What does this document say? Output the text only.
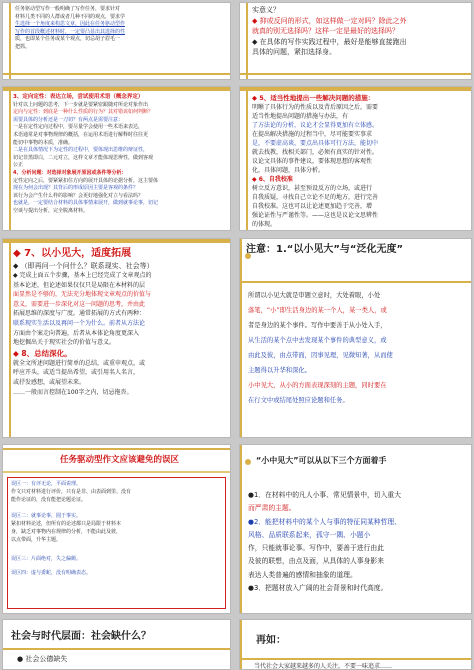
任务驱动型写作一般明确了写作任务，要求针对

材料几类不同的人群或者几种不同的观点，要求学

生选择一个角度来构思文章，因此在任务驱动型作

写作的首段概述材料时，一定要凸显出其选择的性

质，也即某个任务或某个观点，切忌胡子眉毛一

把抓。

实意义？

◆ 抑或反问的形式，如这样做一定对吗？除此之外

就真的别无选择吗？这样一定是最好的选择吗？

◆ 在具体的写作实践过程中，最好是能够直接跑出

具体的问题，紧扣选择身。

3、定向定性：表达立场，尝试使用术语（概念界定）

针对以上问题的思考，下一步就是要紧密跟随对所论对象作出

定向与定性：到底是一种什么性质的行为？其对错该如何判断？

需要具体的分析还是一刀切？有两点是需要注意：

一是在定性定向过程中，要尽量学会使用一些术语来表达，

术语通常是对事物规律的概括，在运用术语进行解释时往往更

能切中事物的本质，准确。

二是在具体情况下为定性的过程中，要体现出思维的辩证性，

切记非黑即白，二元对立，这样文章才能体现思辨性，做到客观

公正

4、分析问题：对选择对象展开原因或条件等分析：

定性定向之后，要紧紧扣住方向的展开具体的论据分析，这主要体

现在为何会出现？其背后的形成原因主要是客观的条件？

该行为会产生什么样的影响？会更好地强化对立与看法吗？

也就是，一定要结合材料的具体事情来展开，做到就事论事，切记

空谈与提出分析，完全脱离材料。

◆ 5、适当性地提出一些解决问题的措施：

明晰了具体行为的性质以及背后原因之后，需要

适当性地提出问题的措施与办法，有

了方法论的分析，议论才会显得更加有立体感。

在提出解决措施的过程当中，尽可能要实事求

是，不要虚高谈，要点出具体可行方法，能切中

就去找教，找相关部门，必须有真实的针对性。

议论文具体的事件建议，要体现思想的客观性

化，具体问题，具体分析。

◆ 6、自我校准

树立反方意识，甚至预设反方的立场，或进行

自我质疑，寻找自己立论不足的地方，进行完善

自我校准。这也可以让论述更加趋于完善，增

强论证性与严谨性等。——这也是议论文思辨性

的体现。

◆ 7、以小见大，适度拓展

◆ （即再问一个问什么？联系现实、社会等）

◆ 完成上面五个步骤，基本上已经完成了文章观点的

基本论述，但论述如果仅仅只是局限在本材料的层

面显然是不够的，无法充分地体现文章观点的价值与

意义，需要进一步深化对这一问题的思考，并由此

拓展思维的深度与广度。通常拓展的方式有两种：

联系现实生活以及再问一个为什么。前者从方法论

方面由个案走向普遍，后者从本体论角度更深入

地挖掘出关于现实社会的价值与意义。

◆ 8、总结深化。

就全文所述问题进行简单的总结，或重申观点，或

呼应开头，或适当提出希望，或引用名人名言，

或抒发感想，或展望未来。

……一般而言控制在100字之内，切忌拖沓。

注意：1.“以小见大”与“泛化无度”

所谓以小见大就是审题立意时，大处着眼，小处

落笔，“小”即生活身边的某一个人，某一类人，或

者是身边的某个事件。写作中要善于从小处入手，

从生活的某个点中去发现某个事件的典型意义，或

由此及彼，由点带面，因事见理，见微知著，从而使

主题得以升华和深化。

小中见大，从小的方面表现深刻的主题，同时要在

在行文中或结尾处照应论题和任务。

任务驱动型作文应该避免的误区

误区一：有评无论，平面说理。

作文只对材料进行评价，只有是非、由表面到里、没有

能作论证的，没有能把论题论证。

误区二：就事论事，囿于事实。

紧扣材料论述，但所有的论述都只是局限于材料本

身，缺乏对事物内在规律的分析，不能由此及彼，

以点带面，升华主题。

误区三：片面绝对，失之偏颇。

误区四：虚与委蛇，没有明确表态。

“小中见大”可以从以下三个方面着手

●1．在材料中的凡人小事、常见情景中，切入重大

而严肃的主题。

●2．能把材料中的某个人与事的特征同某种哲理、

风格、品质联系起来，孤守一隅、小题小

作，只能就事论事。写作中，要善于进行由此

及彼的联想，由点及面，从具体的人事身影来

表达人类普遍的感情和抽象的道理。

●3．把题材放入广阔的社会背景和时代高度。

社会与时代层面：社会缺什么？
● 社会公德缺失
再如：
当代社会大家越来越多的人关注，不要一味追求……
